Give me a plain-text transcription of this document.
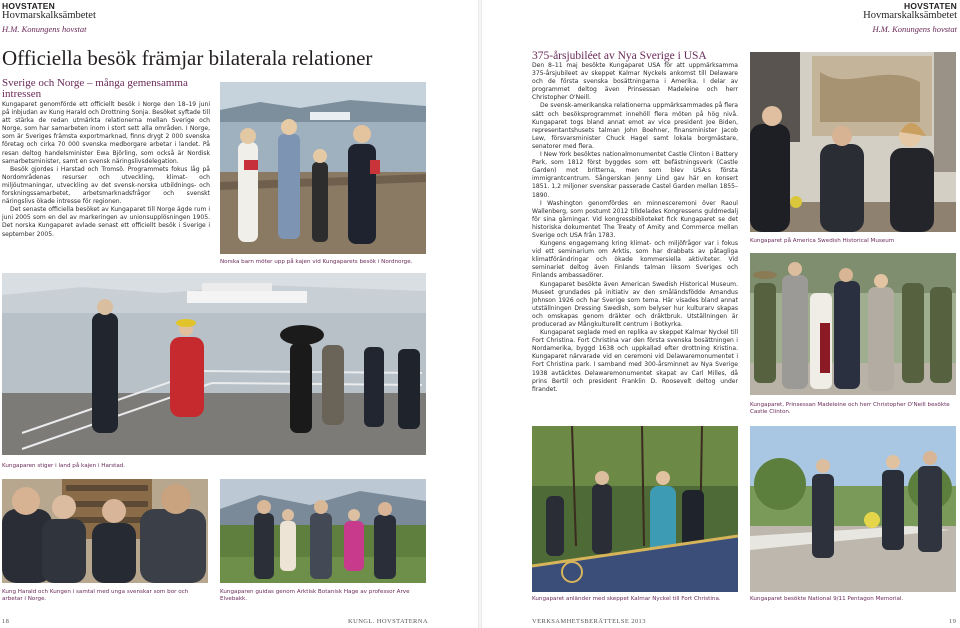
HOVSTATEN
Hovmarskalksämbetet
H.M. Konungens hovstat
Officiella besök främjar bilaterala relationer
Sverige och Norge – många gemensamma intressen

Kungaparet genomförde ett officiellt besök i Norge den 18–19 juni på inbjudan av Kung Harald och Drottning Sonja. Besöket syftade till att stärka de redan utmärkta relationerna mellan Sverige och Norge, som har samarbeten inom i stort sett alla områden. I Norge, som är Sveriges främsta exportmarknad, finns drygt 2 000 svenska företag och cirka 70 000 svenska medborgare arbetar i landet. På resan deltog handelsminister Ewa Björling, som också är Nordisk samarbetsminister, samt en svensk näringslivsdelegation.

Besök gjordes i Harstad och Tromsö. Programmets fokus låg på Nordområdenas resurser och utveckling, klimat- och miljöutmaningar, utveckling av det svensk-norska utbildnings- och forskningssamarbetet, arbetsmarknadsfrågor och svenskt näringslivs ökade intresse för regionen.

Det senaste officiella besöket av Kungaparet till Norge ägde rum i juni 2005 som en del av markeringen av unionsupplösningen 1905. Det norska Kungaparet avlade senast ett officiellt besök i Sverige i september 2005.

Norska barn möter upp på kajen vid Kungaparets besök i Nordnorge.
Kungaparen stiger i land på kajen i Harstad.
Kung Harald och Kungen i samtal med unga svenskar som bor och arbetar i Norge.
Kungaparen guidas genom Arktisk Botanisk Hage av professor Arve Elvebakk.
18	KUNGL. HOVSTATERNA
HOVSTATEN
Hovmarskalksämbetet
H.M. Konungens hovstat
375-årsjubiléet av Nya Sverige i USA

Den 8–11 maj besökte Kungaparet USA för att uppmärksamma 375-årsjubileet av skeppet Kalmar Nyckels ankomst till Delaware och de första svenska bosättningarna i Amerika. I delar av programmet deltog även Prinsessan Madeleine och herr Christopher O'Neill.

De svensk-amerikanska relationerna uppmärksammades på flera sätt och besöksprogrammet innehöll flera möten på hög nivå. Kungaparet togs bland annat emot av vice president Joe Biden, representantshusets talman John Boehner, finansminister Jacob Lew, försvarsminister Chuck Hagel samt lokala borgmästare, senatorer med flera.

I New York besöktes nationalmonumentet Castle Clinton i Battery Park, som 1812 först byggdes som ett befästningsverk (Castle Garden) mot britterna, men som blev USA:s första immigrantcentrum. Sångerskan Jenny Lind gav här en konsert 1851. 1,2 miljoner svenskar passerade Castel Garden mellan 1855–1890.

I Washington genomfördes en minnesceremoni över Raoul Wallenberg, som postumt 2012 tilldelades Kongressens guldmedalj för sina gärningar. Vid kongressbiblioteket fick Kungaparet se det historiska dokumentet The Treaty of Amity and Commerce mellan Sverige och USA från 1783.

Kungens engagemang kring klimat- och miljöfrågor var i fokus vid ett seminarium om Arktis, som har drabbats av påtagliga klimatförändringar och ökade kommersiella aktiviteter. Vid seminariet deltog även Finlands talman liksom Sveriges och Finlands ambassadörer.

Kungaparet besökte även American Swedish Historical Museum. Museet grundades på initiativ av den småländsfödde Amandus Johnson 1926 och har Sverige som tema. Här visades bland annat utställningen Dressing Swedish, som belyser hur kulturarv skapas och omskapas genom dräkter och dräktbruk. Utställningen är producerad av Mångkulturellt centrum i Botkyrka.

Kungaparet seglade med en replika av skeppet Kalmar Nyckel till Fort Christina. Fort Christina var den första svenska bosättningen i Nordamerika, byggd 1638 och uppkallad efter drottning Kristina. Kungaparet närvarade vid en ceremoni vid Delawaremonumentet i Fort Christina park. I samband med 300-årsminnet av Nya Sverige 1938 avtäcktes Delawaremonumentet skapat av Carl Milles, då prins Bertil och president Franklin D. Roosevelt deltog under firandet.

Kungaparet på America Swedish Historical Museum
Kungaparet, Prinsessan Madeleine och herr Christopher O'Neill besökte Castle Clinton.
Kungaparet anländer med skeppet Kalmar Nyckel till Fort Christina.	Kungaparet besökte National 9/11 Pentagon Memorial.
VERKSAMHETSBERÄTTELSE 2013	19
